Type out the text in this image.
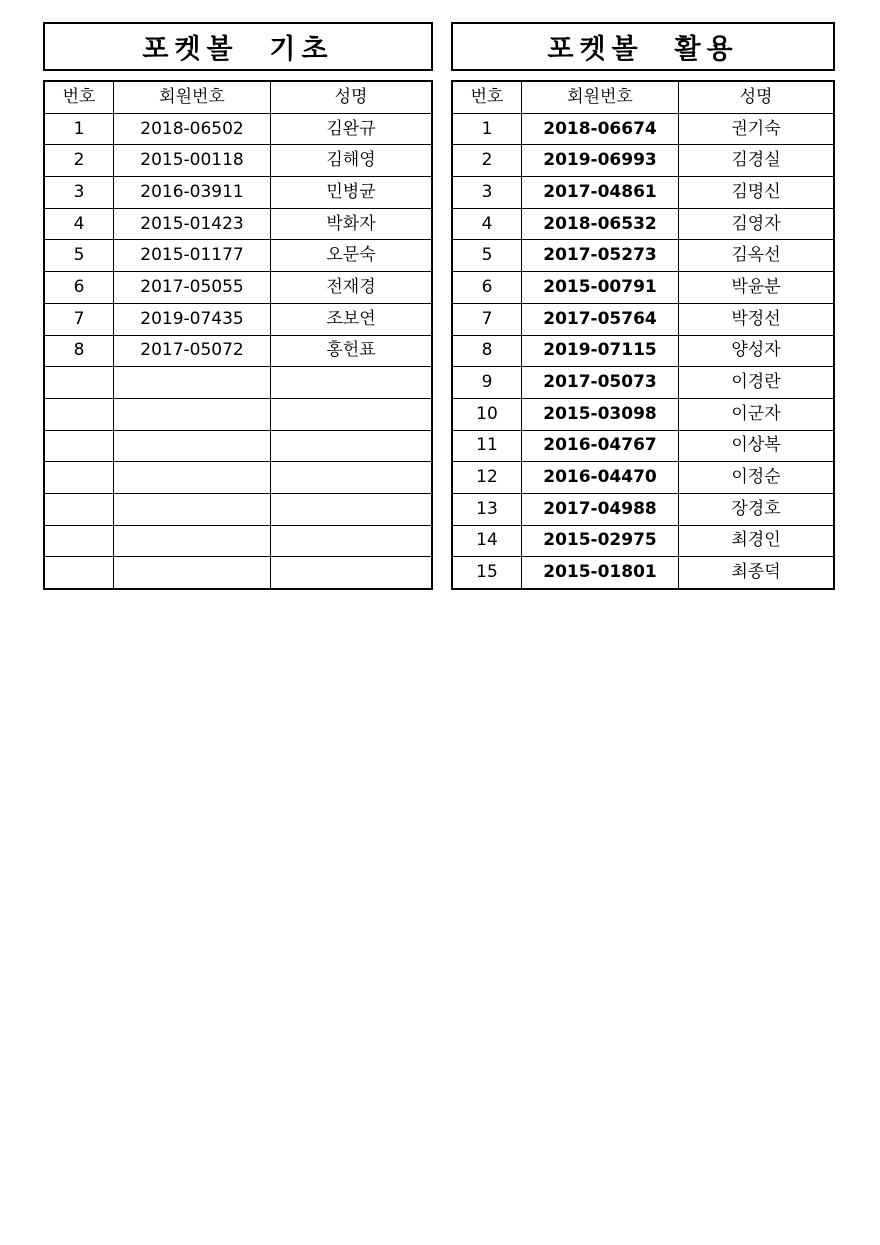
포켓볼  기초
번호	회원번호	성명
1	2018-06502	김완규
2	2015-00118	김해영
3	2016-03911	민병균
4	2015-01423	박화자
5	2015-01177	오문숙
6	2017-05055	전재경
7	2019-07435	조보연
8	2017-05072	홍헌표

포켓볼  활용
번호	회원번호	성명
1	2018-06674	권기숙
2	2019-06993	김경실
3	2017-04861	김명신
4	2018-06532	김영자
5	2017-05273	김옥선
6	2015-00791	박윤분
7	2017-05764	박정선
8	2019-07115	양성자
9	2017-05073	이경란
10	2015-03098	이군자
11	2016-04767	이상복
12	2016-04470	이정순
13	2017-04988	장경호
14	2015-02975	최경인
15	2015-01801	최종덕
